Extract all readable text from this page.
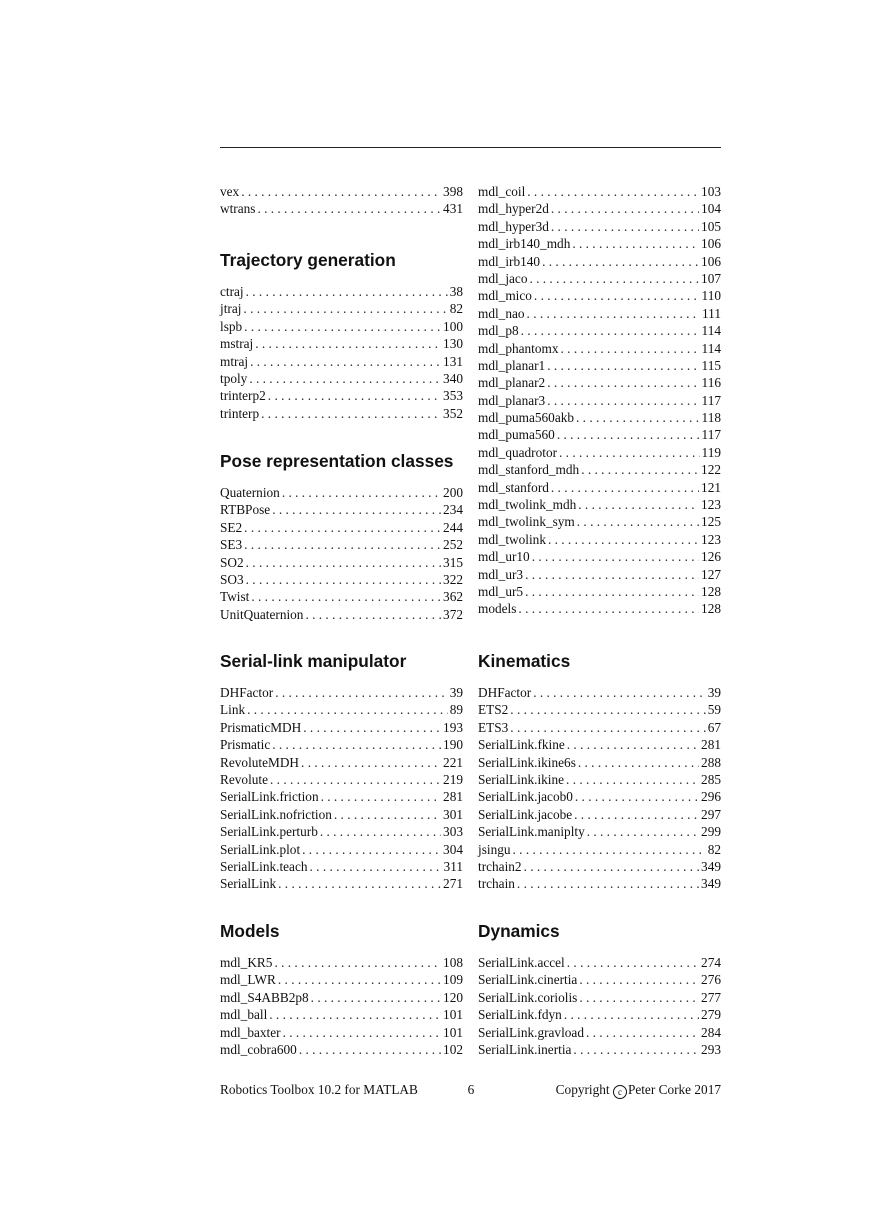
vex . . .	398
wtrans . . .	431
Trajectory generation
ctraj . . .	38
jtraj . . .	82
lspb . . .	100
mstraj . . .	130
mtraj . . .	131
tpoly . . .	340
trinterp2 . . .	353
trinterp . . .	352
Pose representation classes
Quaternion . . .	200
RTBPose . . .	234
SE2 . . .	244
SE3 . . .	252
SO2 . . .	315
SO3 . . .	322
Twist . . .	362
UnitQuaternion . . .	372
Serial-link manipulator
DHFactor . . .	39
Link . . .	89
PrismaticMDH . . .	193
Prismatic . . .	190
RevoluteMDH . . .	221
Revolute . . .	219
SerialLink.friction . . .	281
SerialLink.nofriction . . .	301
SerialLink.perturb . . .	303
SerialLink.plot . . .	304
SerialLink.teach . . .	311
SerialLink . . .	271
Models
mdl_KR5 . . .	108
mdl_LWR . . .	109
mdl_S4ABB2p8 . . .	120
mdl_ball . . .	101
mdl_baxter . . .	101
mdl_cobra600 . . .	102
mdl_coil . . .	103
mdl_hyper2d . . .	104
mdl_hyper3d . . .	105
mdl_irb140_mdh . . .	106
mdl_irb140 . . .	106
mdl_jaco . . .	107
mdl_mico . . .	110
mdl_nao . . .	111
mdl_p8 . . .	114
mdl_phantomx . . .	114
mdl_planar1 . . .	115
mdl_planar2 . . .	116
mdl_planar3 . . .	117
mdl_puma560akb . . .	118
mdl_puma560 . . .	117
mdl_quadrotor . . .	119
mdl_stanford_mdh . . .	122
mdl_stanford . . .	121
mdl_twolink_mdh . . .	123
mdl_twolink_sym . . .	125
mdl_twolink . . .	123
mdl_ur10 . . .	126
mdl_ur3 . . .	127
mdl_ur5 . . .	128
models . . .	128
Kinematics
DHFactor . . .	39
ETS2 . . .	59
ETS3 . . .	67
SerialLink.fkine . . .	281
SerialLink.ikine6s . . .	288
SerialLink.ikine . . .	285
SerialLink.jacob0 . . .	296
SerialLink.jacobe . . .	297
SerialLink.maniplty . . .	299
jsingu . . .	82
trchain2 . . .	349
trchain . . .	349
Dynamics
SerialLink.accel . . .	274
SerialLink.cinertia . . .	276
SerialLink.coriolis . . .	277
SerialLink.fdyn . . .	279
SerialLink.gravload . . .	284
SerialLink.inertia . . .	293
Robotics Toolbox 10.2 for MATLAB	6	Copyright c Peter Corke 2017
